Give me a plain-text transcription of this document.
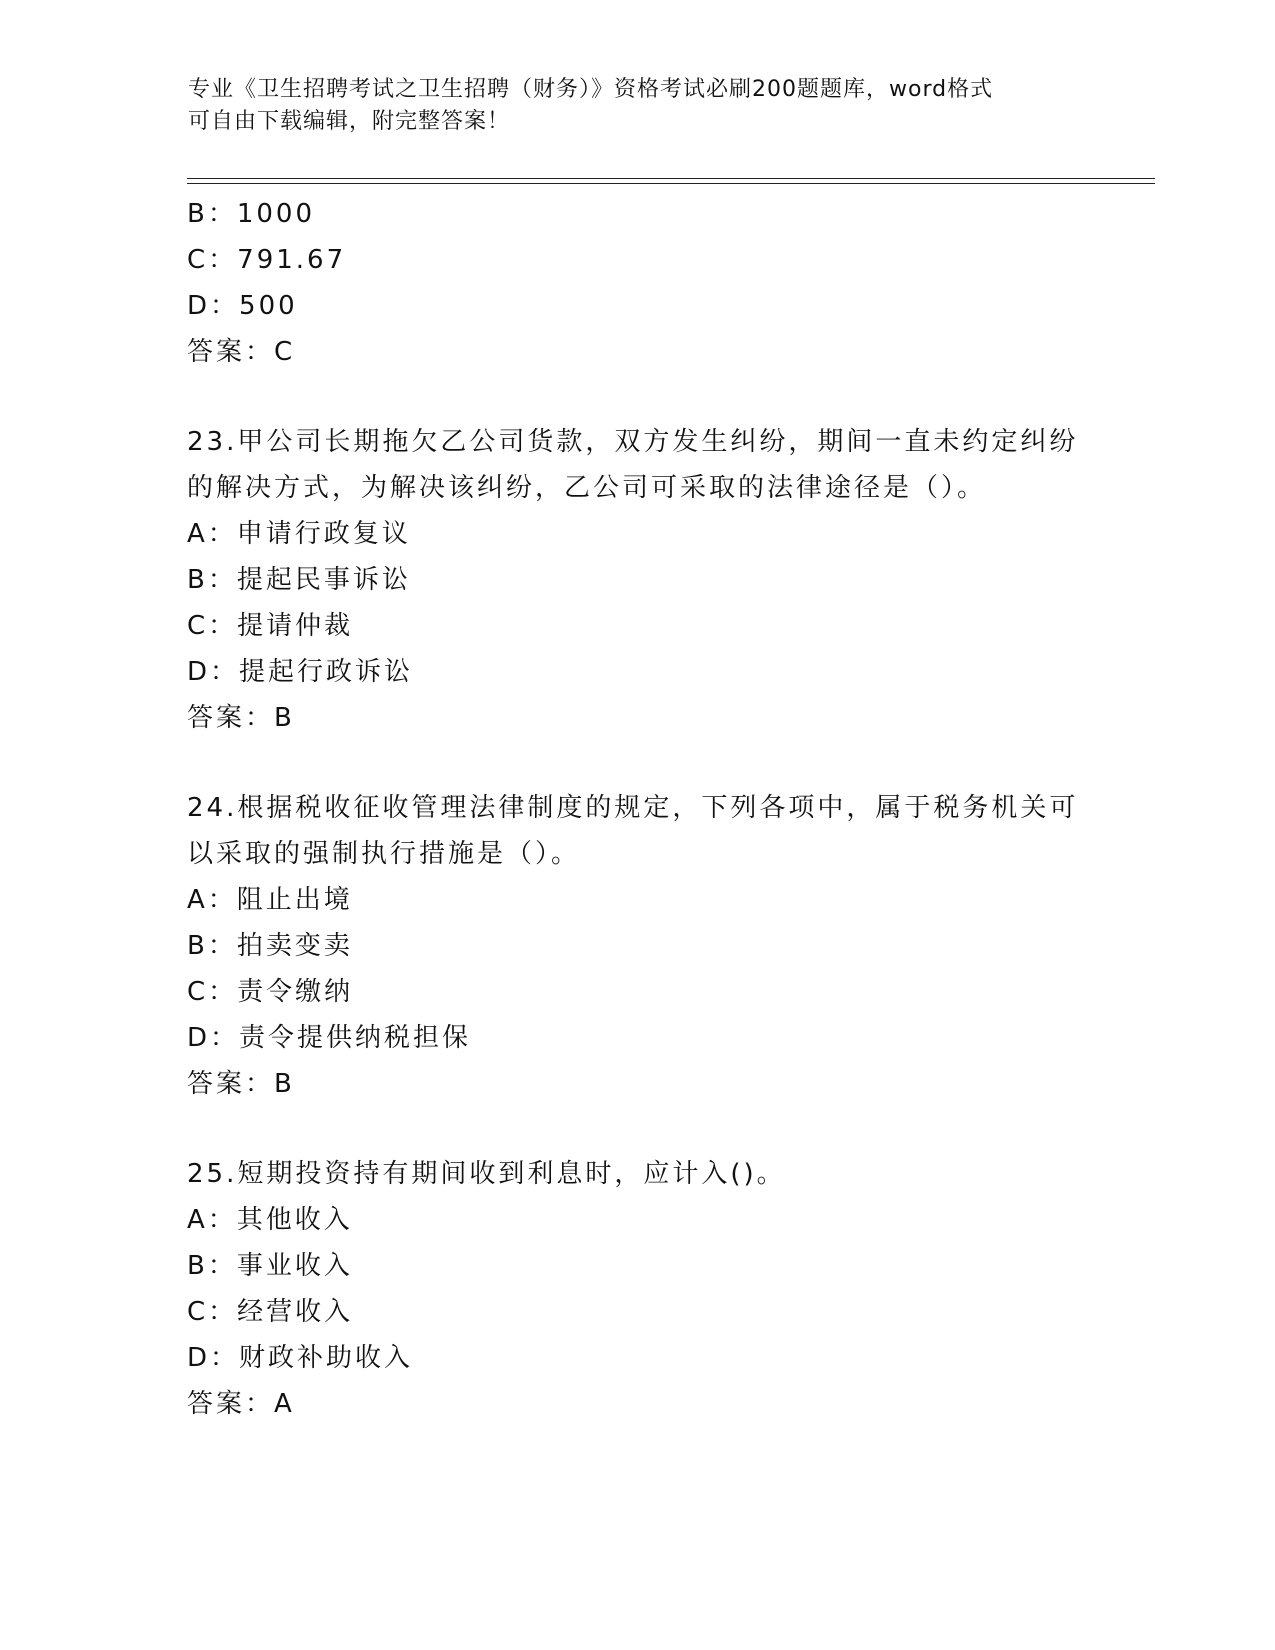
专业《卫生招聘考试之卫生招聘（财务）》资格考试必刷200题题库，word格式
可自由下载编辑，附完整答案！
B：1000
C：791.67
D：500
答案：C
23.甲公司长期拖欠乙公司货款，双方发生纠纷，期间一直未约定纠纷
的解决方式，为解决该纠纷，乙公司可采取的法律途径是（）。
A：申请行政复议
B：提起民事诉讼
C：提请仲裁
D：提起行政诉讼
答案：B
24.根据税收征收管理法律制度的规定，下列各项中，属于税务机关可
以采取的强制执行措施是（）。
A：阻止出境
B：拍卖变卖
C：责令缴纳
D：责令提供纳税担保
答案：B
25.短期投资持有期间收到利息时，应计入()。
A：其他收入
B：事业收入
C：经营收入
D：财政补助收入
答案：A
